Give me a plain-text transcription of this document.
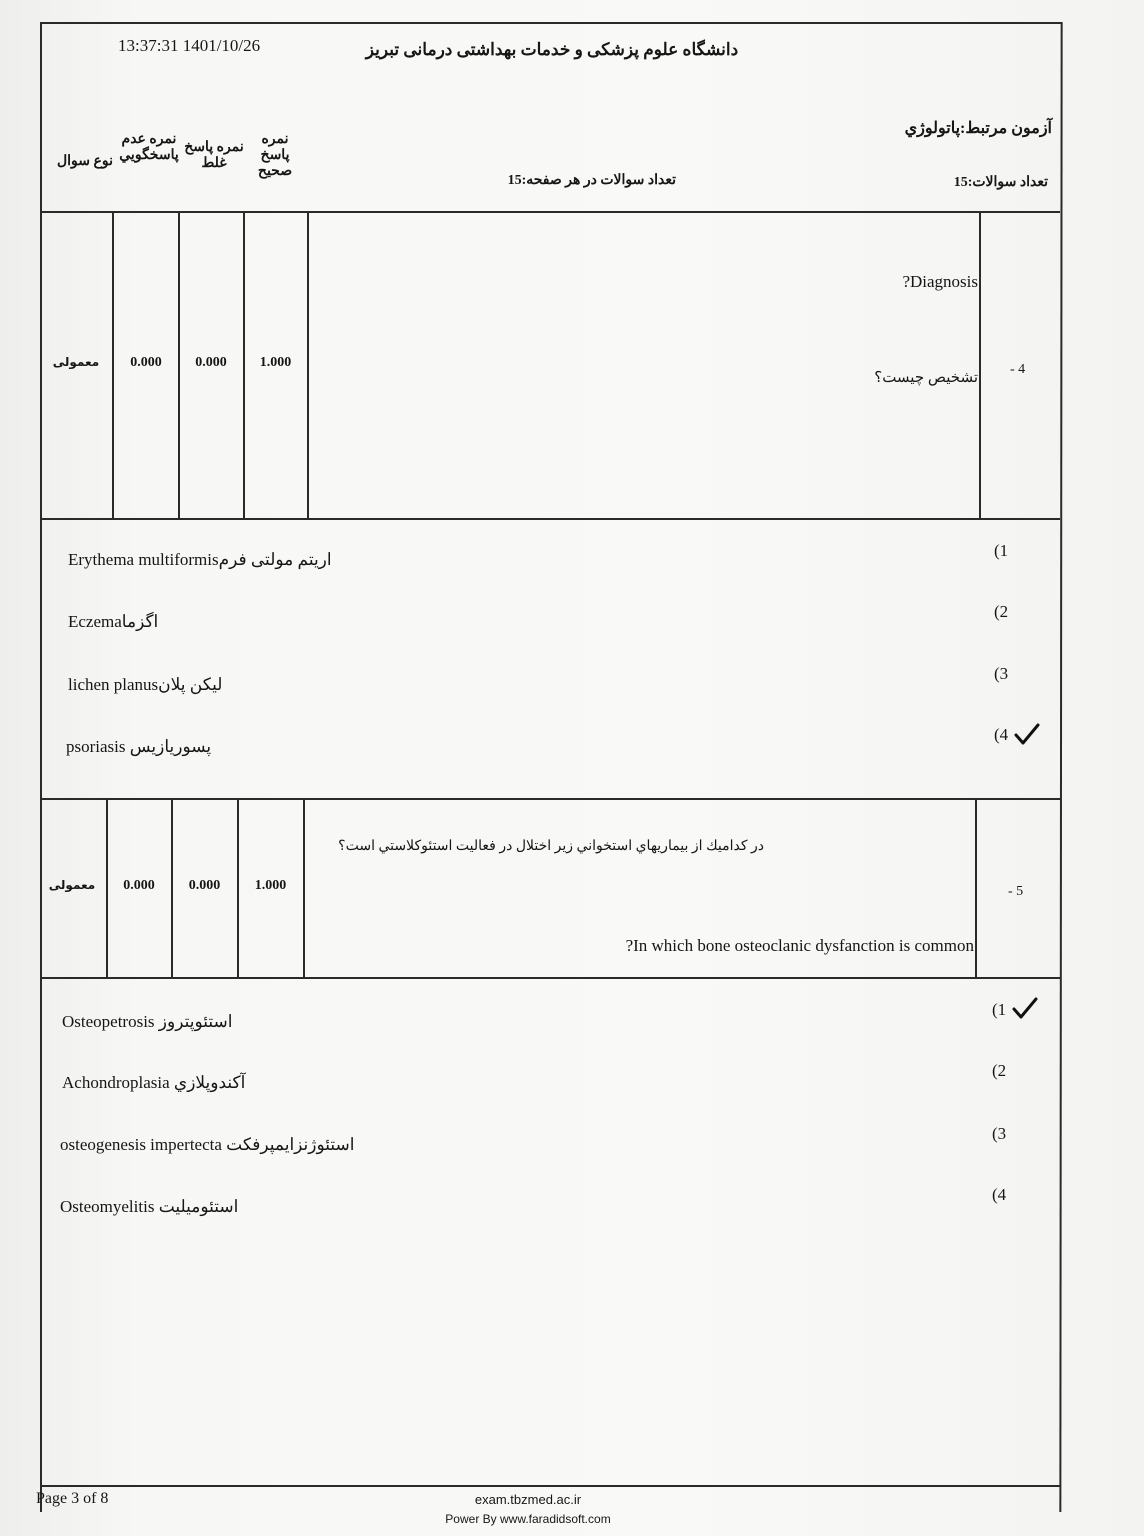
13:37:31 1401/10/26	دانشگاه علوم پزشکی و خدمات بهداشتی درمانی تبریز
آزمون مرتبط:پاتولوژي
تعداد سوالات در هر صفحه:15	تعداد سوالات:15
نمره پاسخ صحيح
نمره پاسخ غلط
نمره عدم پاسخگويي
نوع سوال
معمولی	0.000	0.000	1.000
?Diagnosis
تشخیص چیست؟
- 4
اریتم مولتی فرمErythema multiformis	(1
اگزماEczema
(2
لیکن پلانlichen planus
(3
پسوریازیس psoriasis
(4
معمولی	0.000	0.000	1.000
در كداميك از بيماريهاي استخواني زير اختلال در فعاليت استئوكلاستي است؟
?In which bone osteoclanic dysfanction is common
- 5
استئوپتروز Osteopetrosis
(1
آکندوپلازي Achondroplasia
(2
استئوژنزایمپرفکت osteogenesis impertecta
(3
استئومیلیت Osteomyelitis
(4
Page 3 of 8	exam.tbzmed.ac.ir
Power By www.faradidsoft.com
